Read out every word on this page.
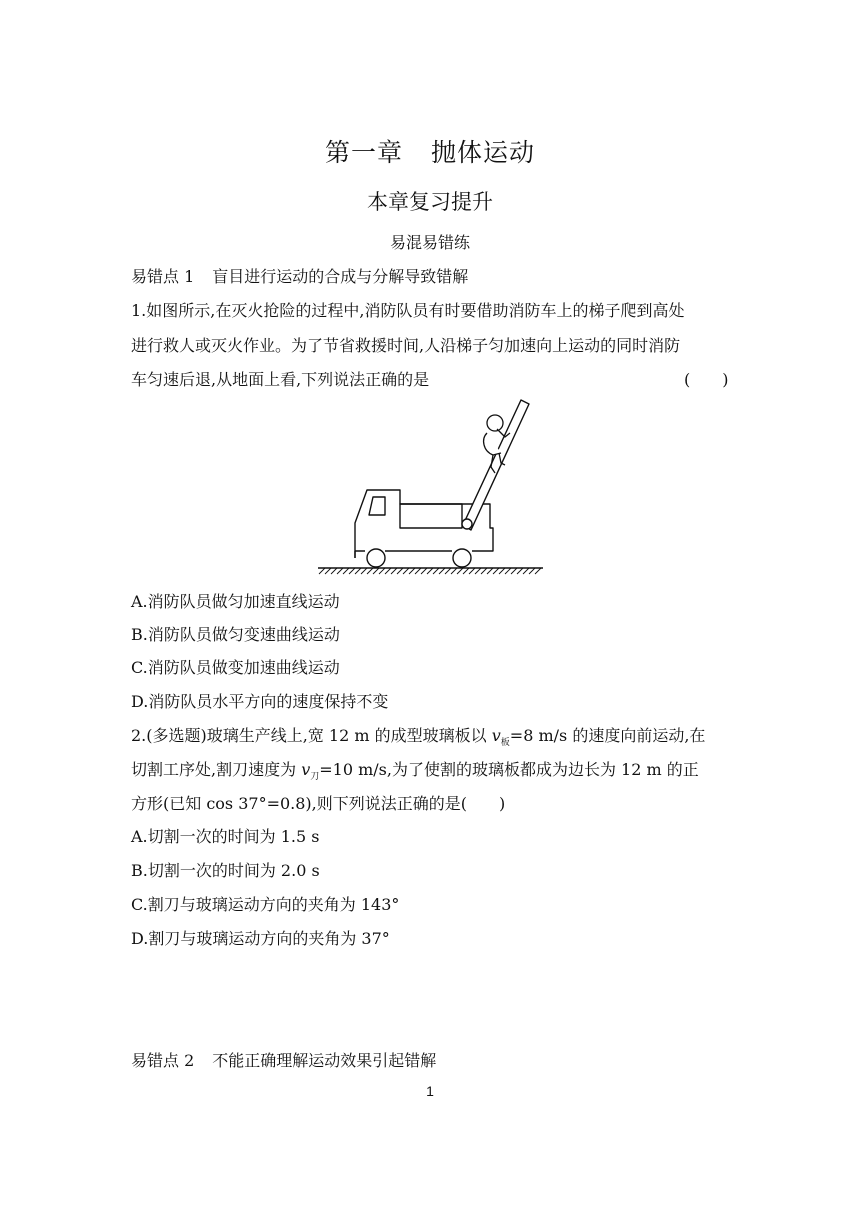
第一章 抛体运动
本章复习提升
易混易错练
易错点 1 盲目进行运动的合成与分解导致错解
1.如图所示,在灭火抢险的过程中,消防队员有时要借助消防车上的梯子爬到高处
进行救人或灭火作业。为了节省救援时间,人沿梯子匀加速向上运动的同时消防
车匀速后退,从地面上看,下列说法正确的是	(　　)
A.消防队员做匀加速直线运动
B.消防队员做匀变速曲线运动
C.消防队员做变加速曲线运动
D.消防队员水平方向的速度保持不变
2.(多选题)玻璃生产线上,宽 12 m 的成型玻璃板以 $v_板=8$ m/s 的速度向前运动,在
切割工序处,割刀速度为 $v_刀=10$ m/s,为了使割的玻璃板都成为边长为 12 m 的正
方形(已知 cos 37°=0.8),则下列说法正确的是(　　)
A.切割一次的时间为 1.5 s
B.切割一次的时间为 2.0 s
C.割刀与玻璃运动方向的夹角为 143°
D.割刀与玻璃运动方向的夹角为 37°
易错点 2 不能正确理解运动效果引起错解
1
